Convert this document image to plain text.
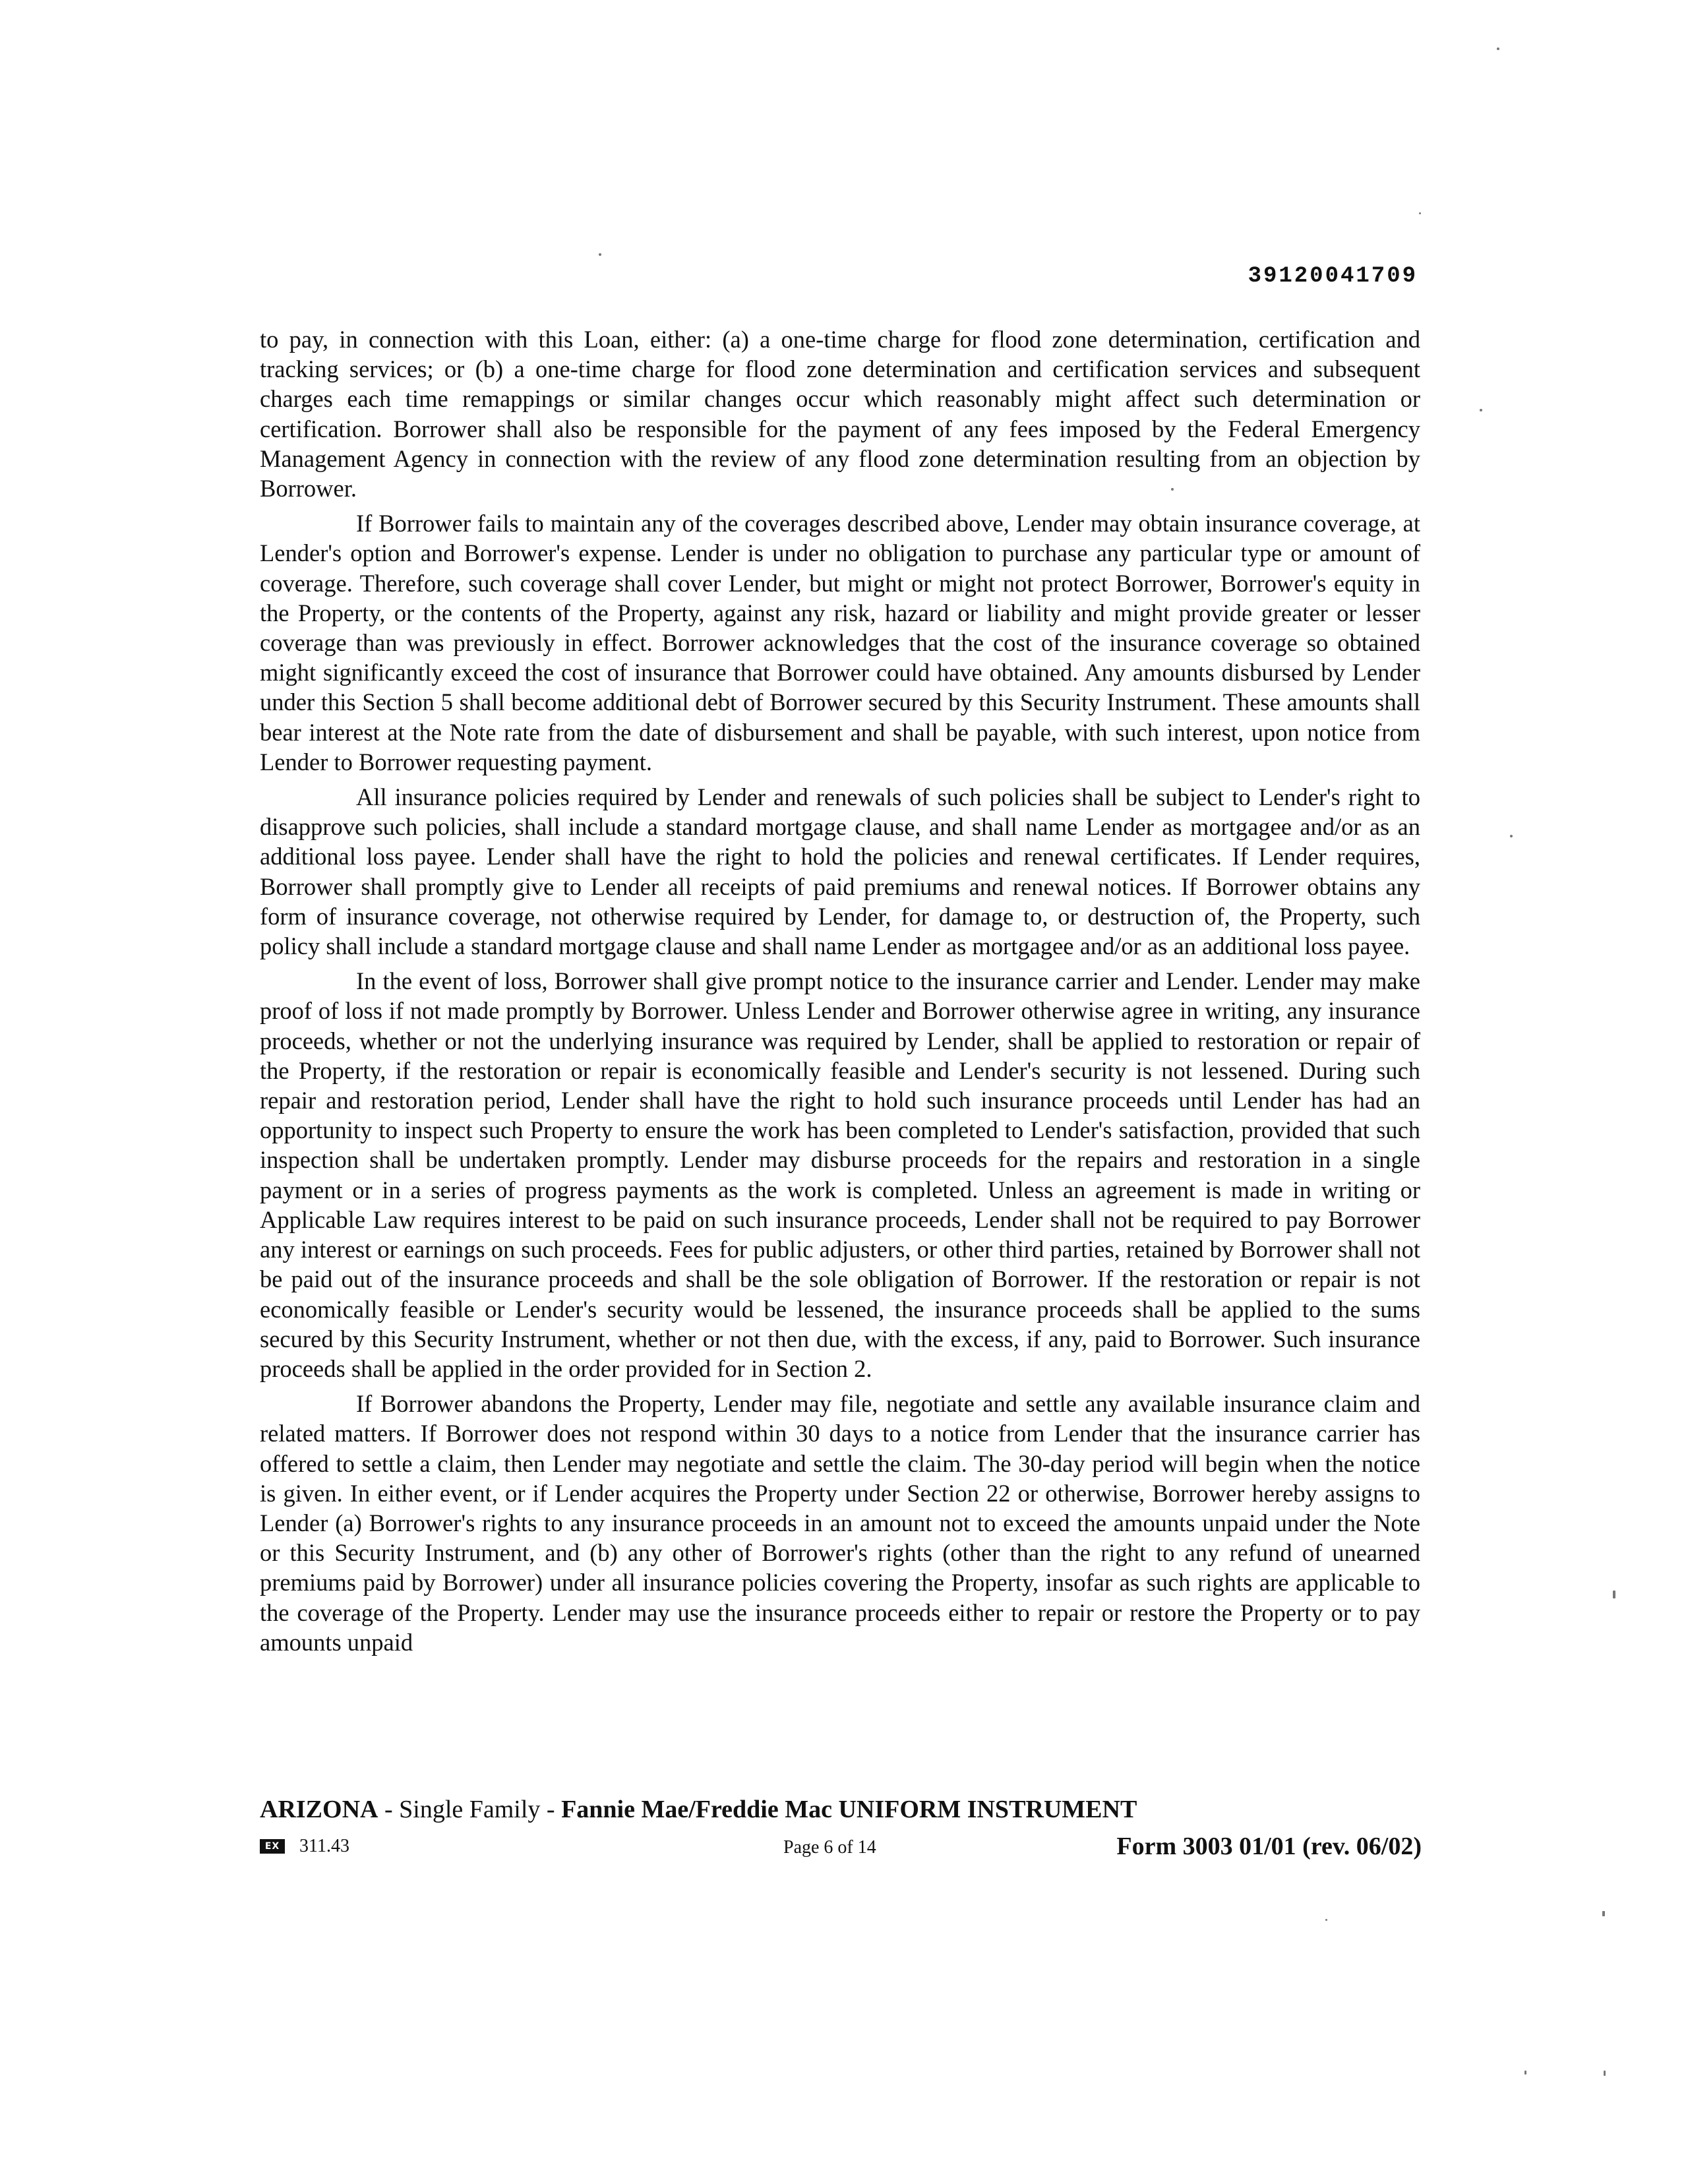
39120041709

to pay, in connection with this Loan, either: (a) a one-time charge for flood zone determination, certification and tracking services; or (b) a one-time charge for flood zone determination and certification services and subsequent charges each time remappings or similar changes occur which reasonably might affect such determination or certification. Borrower shall also be responsible for the payment of any fees imposed by the Federal Emergency Management Agency in connection with the review of any flood zone determination resulting from an objection by Borrower.

If Borrower fails to maintain any of the coverages described above, Lender may obtain insurance coverage, at Lender's option and Borrower's expense. Lender is under no obligation to purchase any particular type or amount of coverage. Therefore, such coverage shall cover Lender, but might or might not protect Borrower, Borrower's equity in the Property, or the contents of the Property, against any risk, hazard or liability and might provide greater or lesser coverage than was previously in effect. Borrower acknowledges that the cost of the insurance coverage so obtained might significantly exceed the cost of insurance that Borrower could have obtained. Any amounts disbursed by Lender under this Section 5 shall become additional debt of Borrower secured by this Security Instrument. These amounts shall bear interest at the Note rate from the date of disbursement and shall be payable, with such interest, upon notice from Lender to Borrower requesting payment.

All insurance policies required by Lender and renewals of such policies shall be subject to Lender's right to disapprove such policies, shall include a standard mortgage clause, and shall name Lender as mortgagee and/or as an additional loss payee. Lender shall have the right to hold the policies and renewal certificates. If Lender requires, Borrower shall promptly give to Lender all receipts of paid premiums and renewal notices. If Borrower obtains any form of insurance coverage, not otherwise required by Lender, for damage to, or destruction of, the Property, such policy shall include a standard mortgage clause and shall name Lender as mortgagee and/or as an additional loss payee.

In the event of loss, Borrower shall give prompt notice to the insurance carrier and Lender. Lender may make proof of loss if not made promptly by Borrower. Unless Lender and Borrower otherwise agree in writing, any insurance proceeds, whether or not the underlying insurance was required by Lender, shall be applied to restoration or repair of the Property, if the restoration or repair is economically feasible and Lender's security is not lessened. During such repair and restoration period, Lender shall have the right to hold such insurance proceeds until Lender has had an opportunity to inspect such Property to ensure the work has been completed to Lender's satisfaction, provided that such inspection shall be undertaken promptly. Lender may disburse proceeds for the repairs and restoration in a single payment or in a series of progress payments as the work is completed. Unless an agreement is made in writing or Applicable Law requires interest to be paid on such insurance proceeds, Lender shall not be required to pay Borrower any interest or earnings on such proceeds. Fees for public adjusters, or other third parties, retained by Borrower shall not be paid out of the insurance proceeds and shall be the sole obligation of Borrower. If the restoration or repair is not economically feasible or Lender's security would be lessened, the insurance proceeds shall be applied to the sums secured by this Security Instrument, whether or not then due, with the excess, if any, paid to Borrower. Such insurance proceeds shall be applied in the order provided for in Section 2.

If Borrower abandons the Property, Lender may file, negotiate and settle any available insurance claim and related matters. If Borrower does not respond within 30 days to a notice from Lender that the insurance carrier has offered to settle a claim, then Lender may negotiate and settle the claim. The 30-day period will begin when the notice is given. In either event, or if Lender acquires the Property under Section 22 or otherwise, Borrower hereby assigns to Lender (a) Borrower's rights to any insurance proceeds in an amount not to exceed the amounts unpaid under the Note or this Security Instrument, and (b) any other of Borrower's rights (other than the right to any refund of unearned premiums paid by Borrower) under all insurance policies covering the Property, insofar as such rights are applicable to the coverage of the Property. Lender may use the insurance proceeds either to repair or restore the Property or to pay amounts unpaid

ARIZONA - Single Family - Fannie Mae/Freddie Mac UNIFORM INSTRUMENT
EX 311.43	Page 6 of 14	Form 3003 01/01 (rev. 06/02)
